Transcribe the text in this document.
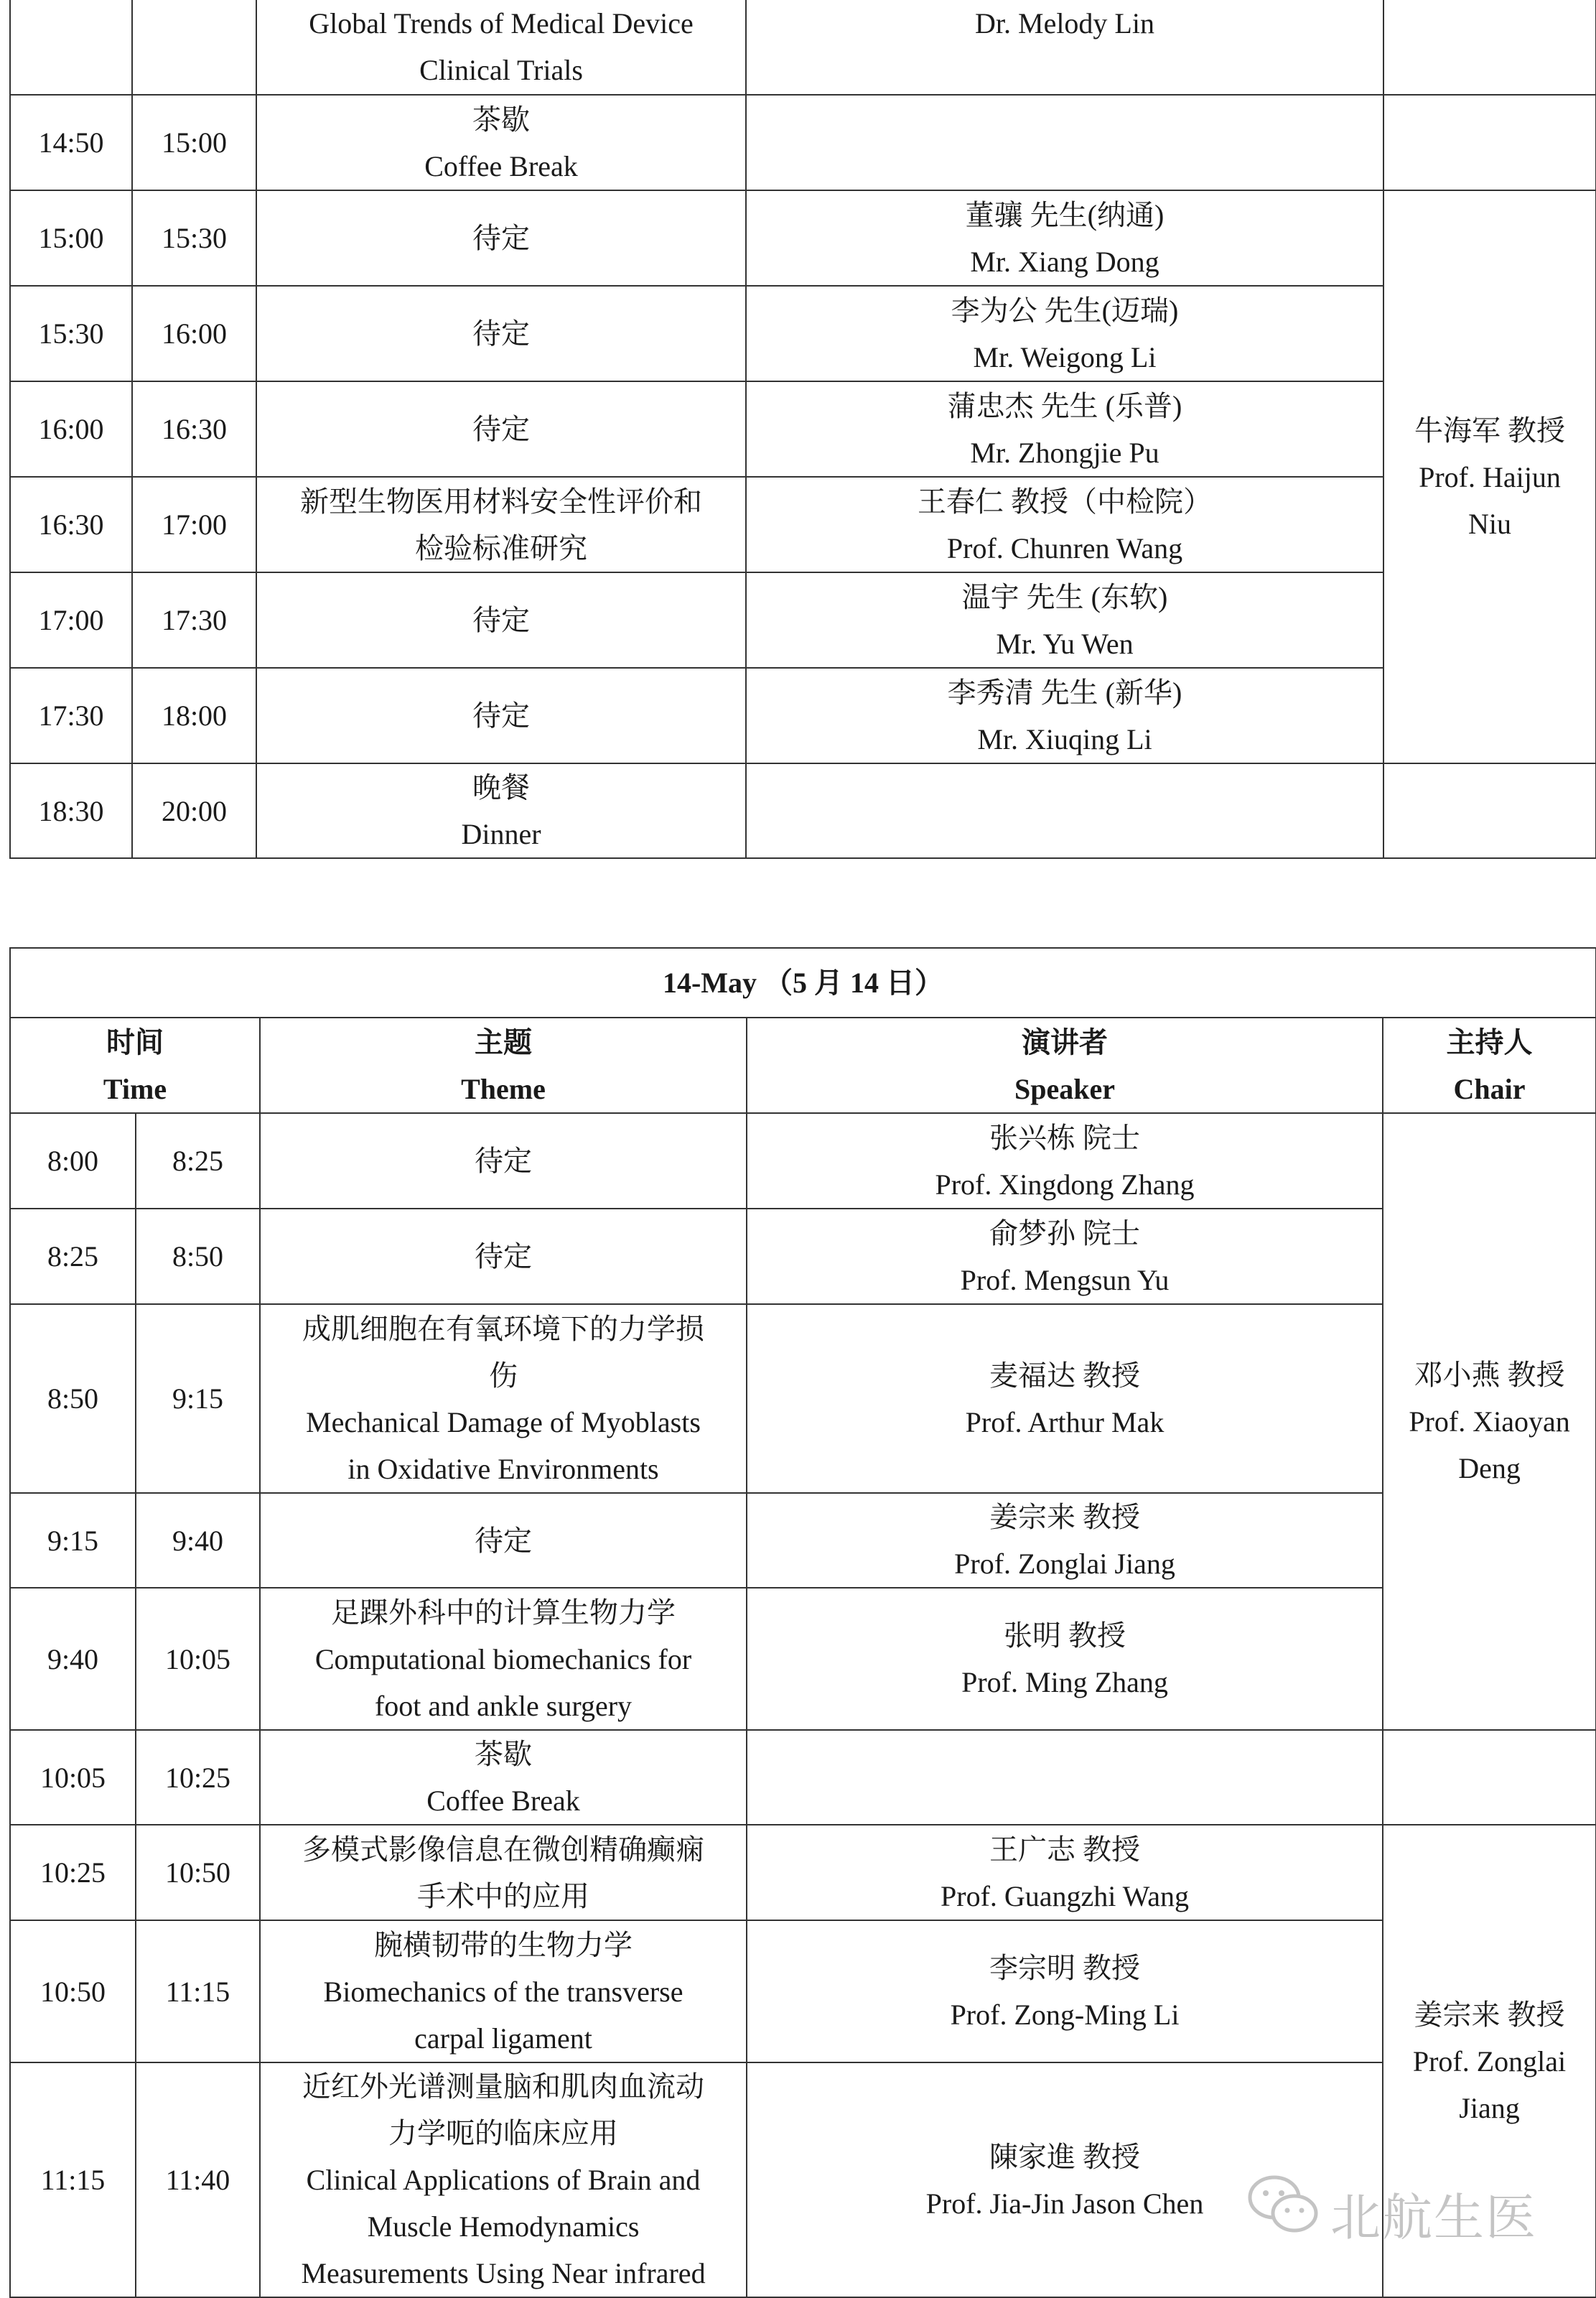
		Global Trends of Medical Device
Clinical Trials	Dr. Melody Lin	

14:50	15:00	茶歇
Coffee Break		

15:00	15:30	待定	董骧 先生(纳通)
Mr. Xiang Dong	牛海军 教授
Prof. Haijun
Niu

15:30	16:00	待定	李为公 先生(迈瑞)
Mr. Weigong Li	

16:00	16:30	待定	蒲忠杰 先生 (乐普)
Mr. Zhongjie Pu	

16:30	17:00	新型生物医用材料安全性评价和
检验标准研究	王春仁 教授（中检院）
Prof. Chunren Wang	

17:00	17:30	待定	温宇 先生 (东软)
Mr. Yu Wen	

17:30	18:00	待定	李秀清 先生 (新华)
Mr. Xiuqing Li	

18:30	20:00	晚餐
Dinner		

14-May （5 月 14 日）				

时间
Time		主题
Theme	演讲者
Speaker	主持人
Chair

8:00	8:25	待定	张兴栋 院士
Prof. Xingdong Zhang	邓小燕 教授
Prof. Xiaoyan
Deng

8:25	8:50	待定	俞梦孙 院士
Prof. Mengsun Yu	

8:50	9:15	成肌细胞在有氧环境下的力学损
伤
Mechanical Damage of Myoblasts
in Oxidative Environments	麦福达 教授
Prof. Arthur Mak	

9:15	9:40	待定	姜宗来 教授
Prof. Zonglai Jiang	

9:40	10:05	足踝外科中的计算生物力学
Computational biomechanics for
foot and ankle surgery	张明 教授
Prof. Ming Zhang	

10:05	10:25	茶歇
Coffee Break		

10:25	10:50	多模式影像信息在微创精确癫痫
手术中的应用	王广志 教授
Prof. Guangzhi Wang	姜宗来 教授
Prof. Zonglai
Jiang

10:50	11:15	腕横韧带的生物力学
Biomechanics of the transverse
carpal ligament	李宗明 教授
Prof. Zong-Ming Li	

11:15	11:40	近红外光谱测量脑和肌肉血流动
力学呃的临床应用
Clinical Applications of Brain and
Muscle Hemodynamics
Measurements Using Near infrared	陳家進 教授
Prof. Jia-Jin Jason Chen		北航生医
